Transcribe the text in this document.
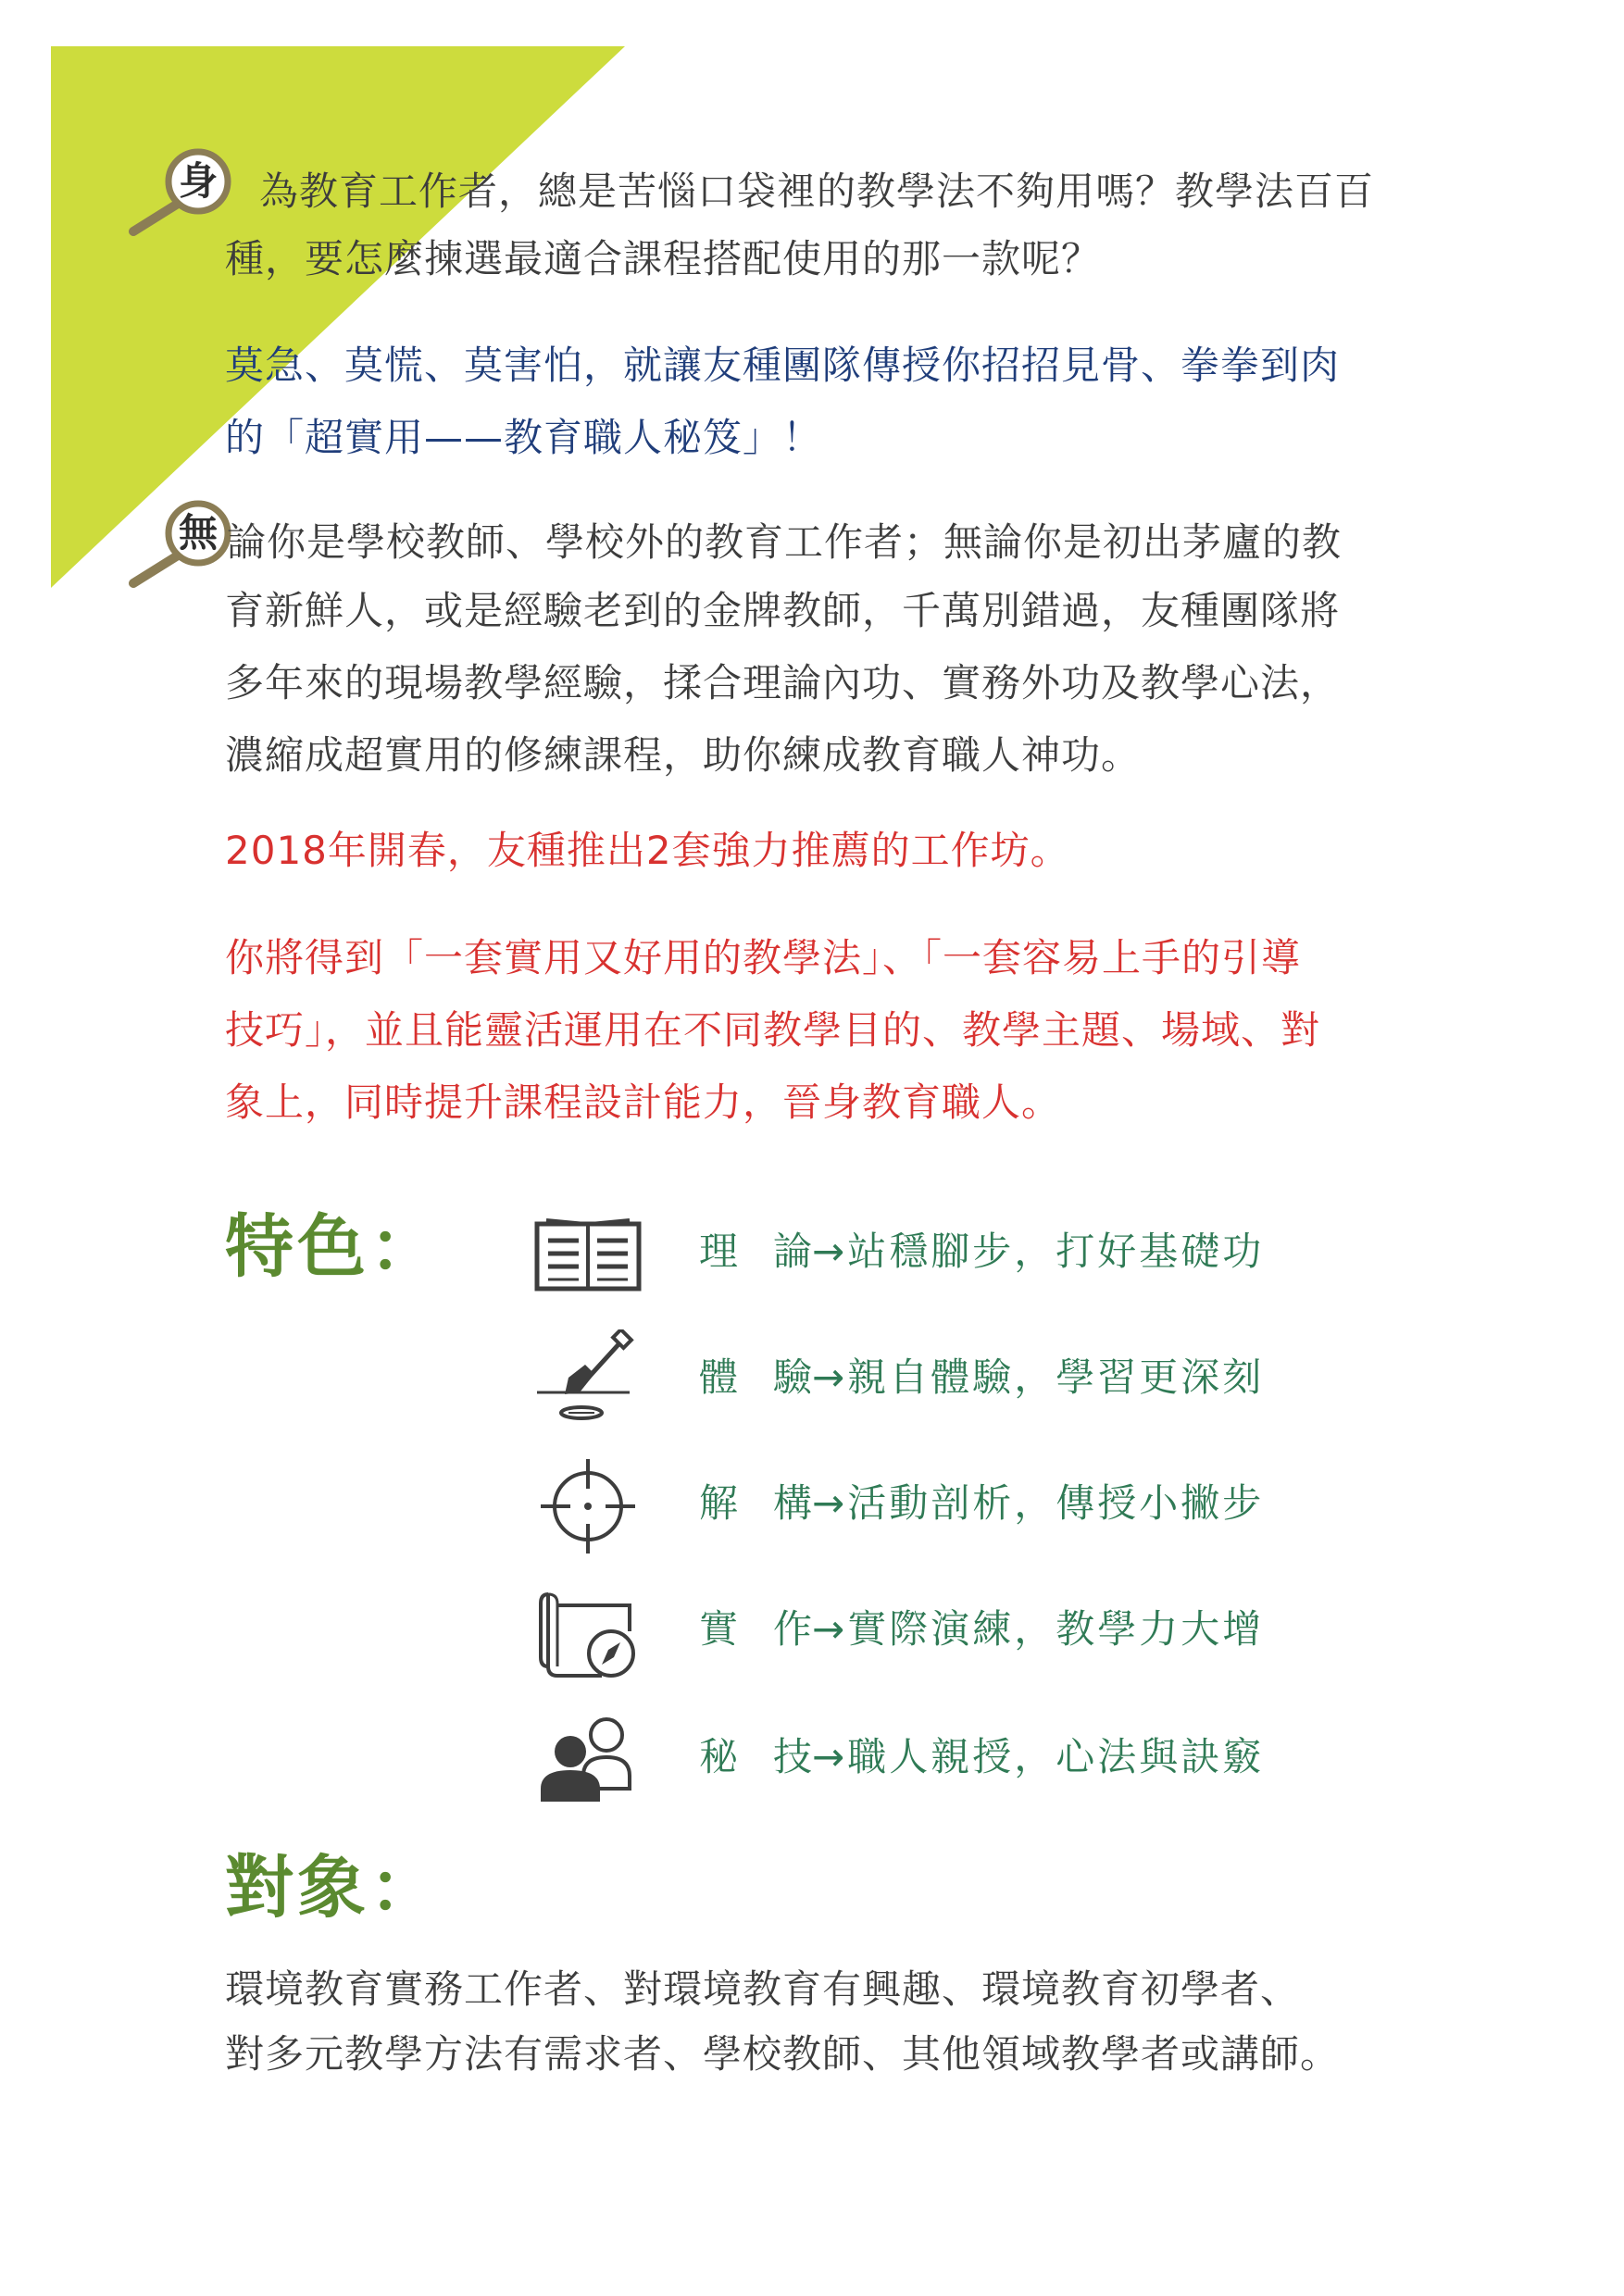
身
無

為教育工作者，總是苦惱口袋裡的教學法不夠用嗎？教學法百百

種，要怎麼揀選最適合課程搭配使用的那一款呢？

莫急、莫慌、莫害怕，就讓友種團隊傳授你招招見骨、拳拳到肉
的「超實用——教育職人秘笈」！

論你是學校教師、學校外的教育工作者；無論你是初出茅廬的教

育新鮮人，或是經驗老到的金牌教師，千萬別錯過，友種團隊將
多年來的現場教學經驗，揉合理論內功、實務外功及教學心法，
濃縮成超實用的修練課程，助你練成教育職人神功。

2018年開春，友種推出2套強力推薦的工作坊。

你將得到「一套實用又好用的教學法」、「一套容易上手的引導
技巧」，並且能靈活運用在不同教學目的、教學主題、場域、對
象上，同時提升課程設計能力，晉身教育職人。

特色：	理 論→站穩腳步，打好基礎功
體 驗→親自體驗，學習更深刻
解 構→活動剖析，傳授小撇步
實 作→實際演練，教學力大增
秘 技→職人親授，心法與訣竅
對象：

環境教育實務工作者、對環境教育有興趣、環境教育初學者、
對多元教學方法有需求者、學校教師、其他領域教學者或講師。
